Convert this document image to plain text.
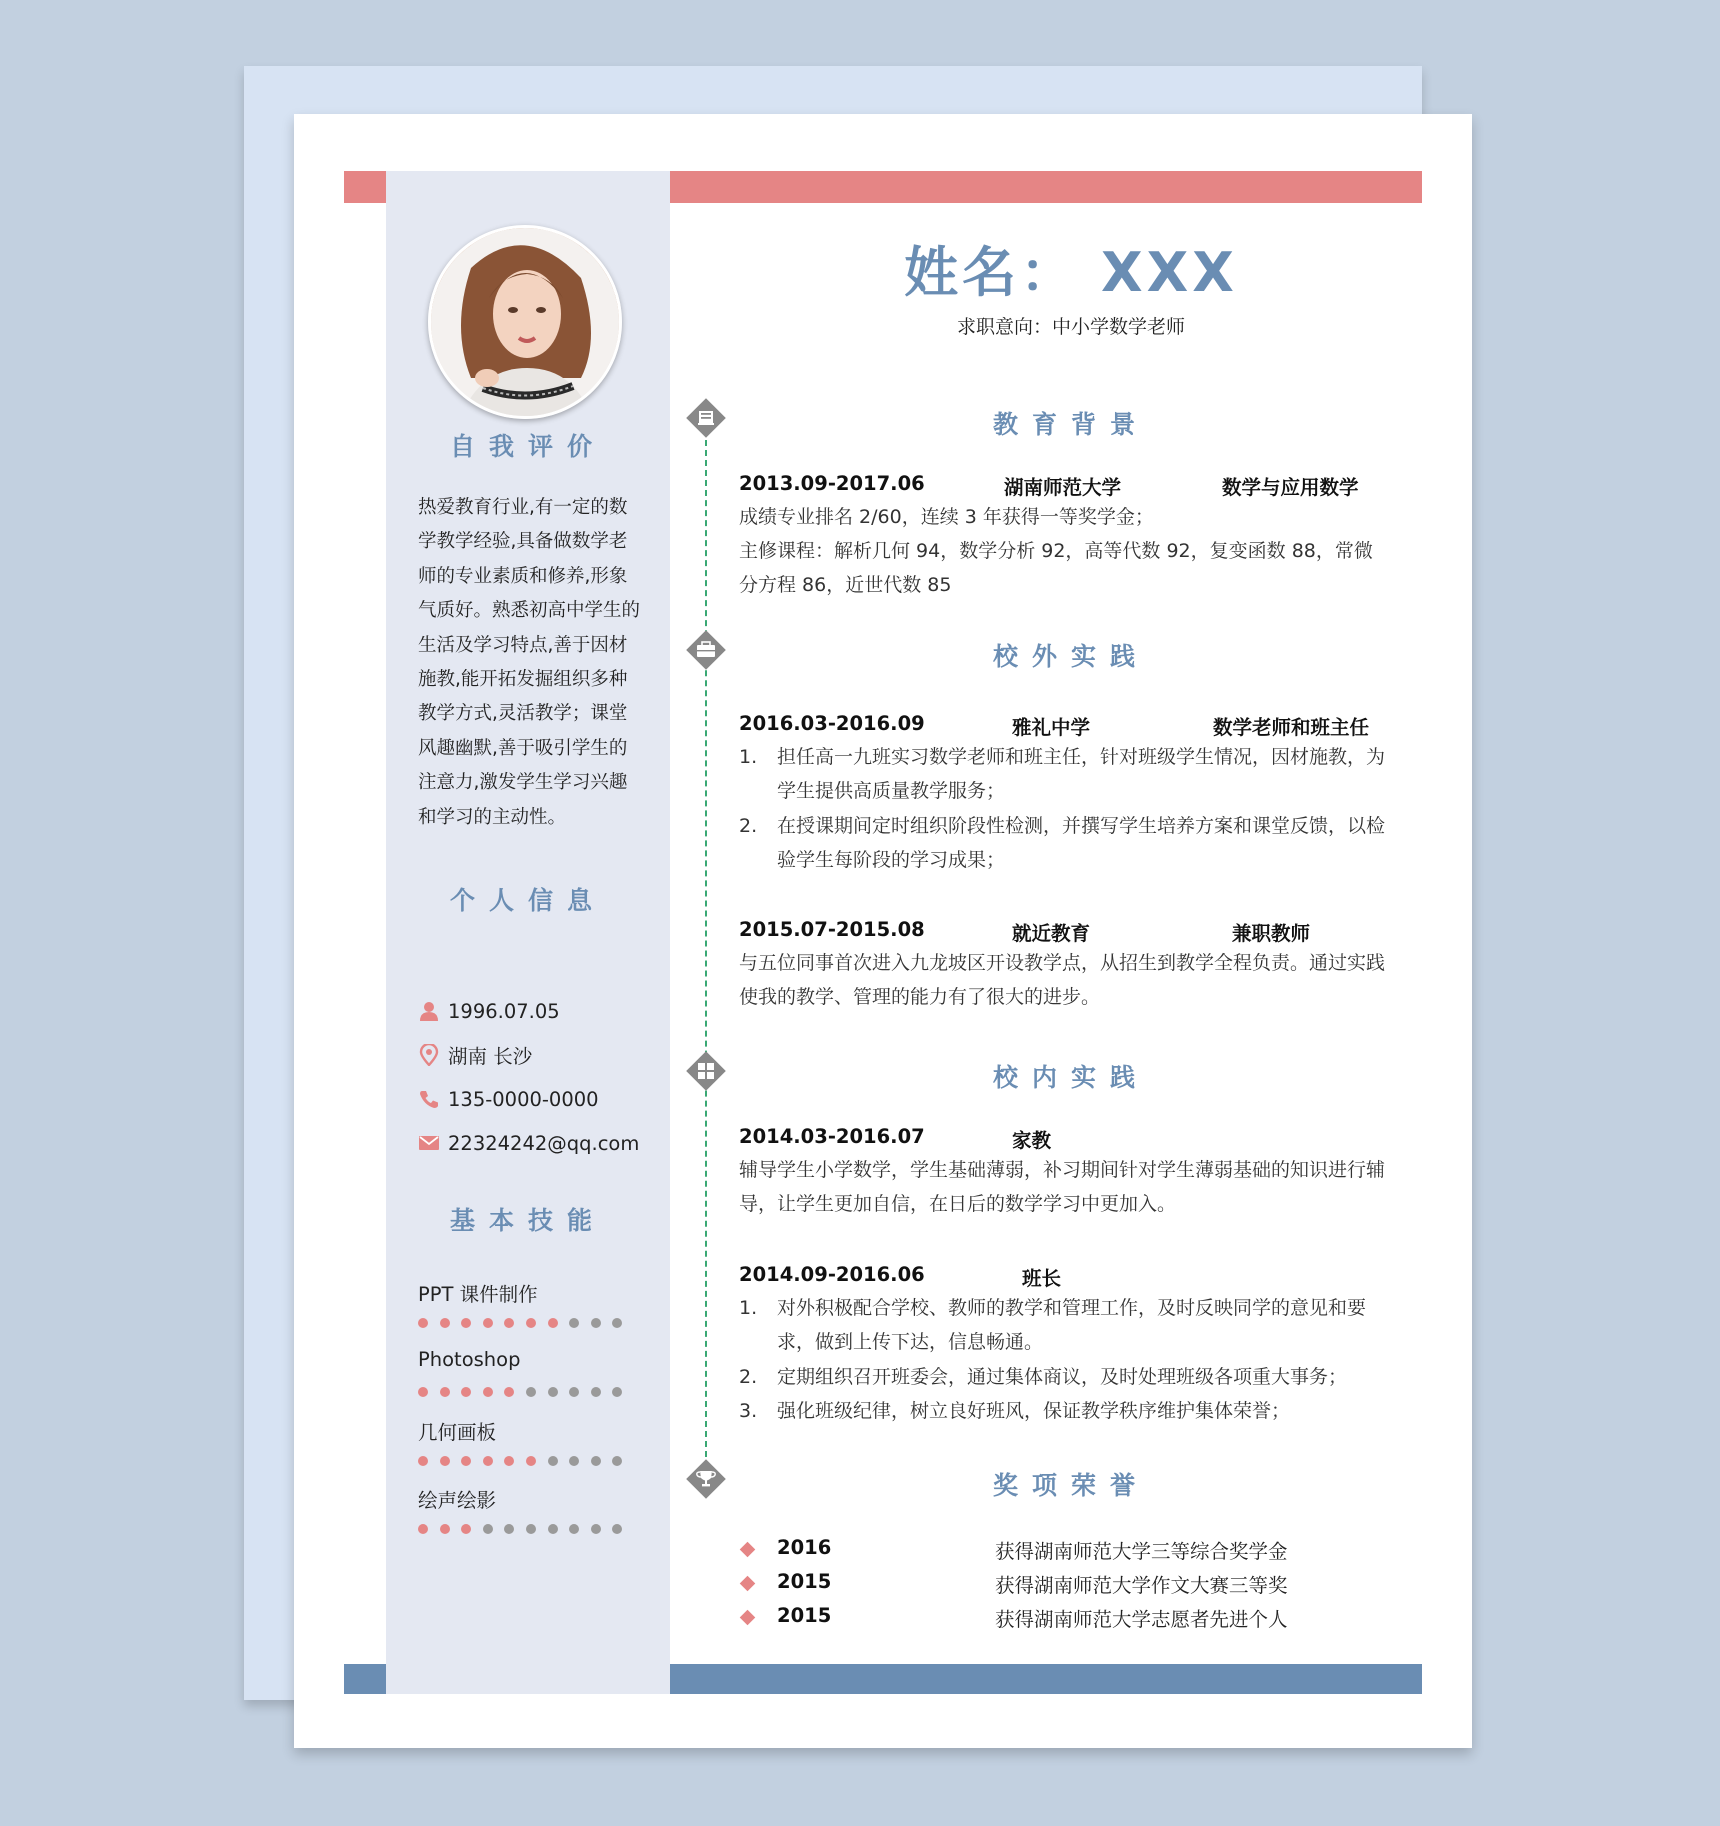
自我评价
热爱教育行业,有一定的数学教学经验,具备做数学老师的专业素质和修养,形象气质好。熟悉初高中学生的生活及学习特点,善于因材施教,能开拓发掘组织多种教学方式,灵活教学；课堂风趣幽默,善于吸引学生的注意力,激发学生学习兴趣和学习的主动性。
个人信息
1996.07.05
湖南 长沙
135-0000-0000
22324242@qq.com
基本技能
PPT 课件制作
Photoshop
几何画板
绘声绘影
姓名： XXX
求职意向：中小学数学老师
教育背景
2013.09-2017.06	湖南师范大学	数学与应用数学
成绩专业排名 2/60，连续 3 年获得一等奖学金；
主修课程：解析几何 94，数学分析 92，高等代数 92，复变函数 88，常微分方程 86，近世代数 85
校外实践
2016.03-2016.09	雅礼中学	数学老师和班主任
1. 担任高一九班实习数学老师和班主任，针对班级学生情况，因材施教，为学生提供高质量教学服务；
2. 在授课期间定时组织阶段性检测，并撰写学生培养方案和课堂反馈，以检验学生每阶段的学习成果；
2015.07-2015.08	就近教育	兼职教师
与五位同事首次进入九龙坡区开设教学点，从招生到教学全程负责。通过实践使我的教学、管理的能力有了很大的进步。
校内实践
2014.03-2016.07	家教
辅导学生小学数学，学生基础薄弱，补习期间针对学生薄弱基础的知识进行辅导，让学生更加自信，在日后的数学学习中更加入。
2014.09-2016.06	班长
1. 对外积极配合学校、教师的教学和管理工作，及时反映同学的意见和要求，做到上传下达，信息畅通。
2. 定期组织召开班委会，通过集体商议，及时处理班级各项重大事务；
3. 强化班级纪律，树立良好班风，保证教学秩序维护集体荣誉；
奖项荣誉
2016	获得湖南师范大学三等综合奖学金
2015	获得湖南师范大学作文大赛三等奖
2015	获得湖南师范大学志愿者先进个人
